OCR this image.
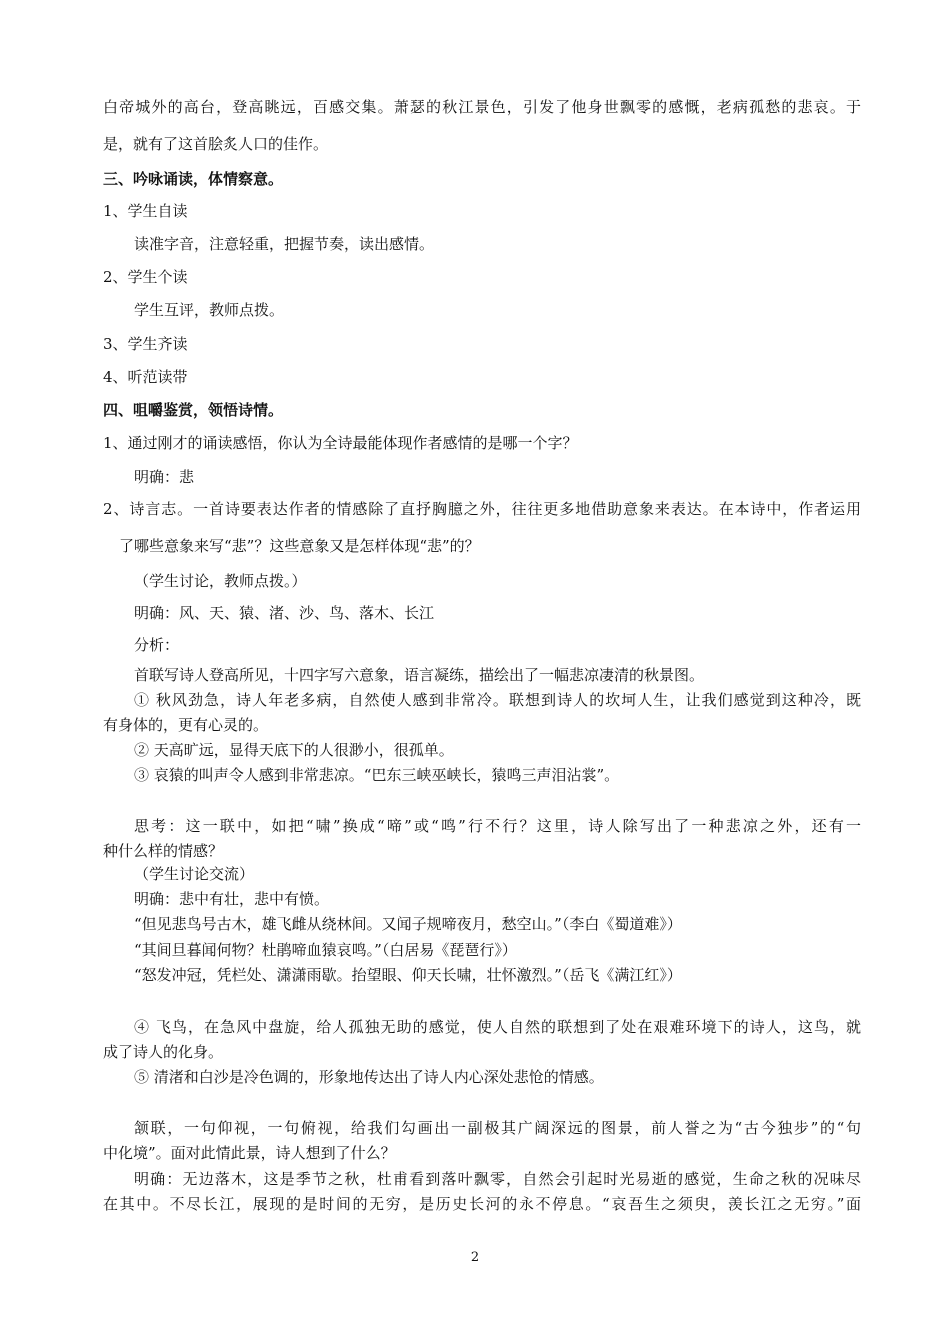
白帝城外的高台，登高眺远，百感交集。萧瑟的秋江景色，引发了他身世飘零的感慨，老病孤愁的悲哀。于
是，就有了这首脍炙人口的佳作。
三、吟咏诵读，体情察意。
1、学生自读
读准字音，注意轻重，把握节奏，读出感情。
2、学生个读
学生互评，教师点拨。
3、学生齐读
4、听范读带
四、咀嚼鉴赏，领悟诗情。
1、通过刚才的诵读感悟，你认为全诗最能体现作者感情的是哪一个字？
明确：悲
2、诗言志。一首诗要表达作者的情感除了直抒胸臆之外，往往更多地借助意象来表达。在本诗中，作者运用
了哪些意象来写“悲”？这些意象又是怎样体现“悲”的？
（学生讨论，教师点拨。）
明确：风、天、猿、渚、沙、鸟、落木、长江
分析：
首联写诗人登高所见，十四字写六意象，语言凝练，描绘出了一幅悲凉凄清的秋景图。
① 秋风劲急，诗人年老多病，自然使人感到非常冷。联想到诗人的坎坷人生，让我们感觉到这种冷，既
有身体的，更有心灵的。
② 天高旷远，显得天底下的人很渺小，很孤单。
③ 哀猿的叫声令人感到非常悲凉。“巴东三峡巫峡长，猿鸣三声泪沾裳”。
思考：这一联中，如把“啸”换成“啼”或“鸣”行不行？这里，诗人除写出了一种悲凉之外，还有一
种什么样的情感？
（学生讨论交流）
明确：悲中有壮，悲中有愤。
“但见悲鸟号古木，雄飞雌从绕林间。又闻子规啼夜月，愁空山。”（李白《蜀道难》）
“其间旦暮闻何物？杜鹃啼血猿哀鸣。”（白居易《琵琶行》）
“怒发冲冠，凭栏处、潇潇雨歇。抬望眼、仰天长啸，壮怀激烈。”（岳飞《满江红》）
④ 飞鸟，在急风中盘旋，给人孤独无助的感觉，使人自然的联想到了处在艰难环境下的诗人，这鸟，就
成了诗人的化身。
⑤ 清渚和白沙是冷色调的，形象地传达出了诗人内心深处悲怆的情感。
颔联，一句仰视，一句俯视，给我们勾画出一副极其广阔深远的图景，前人誉之为“古今独步”的“句
中化境”。面对此情此景，诗人想到了什么？
明确：无边落木，这是季节之秋，杜甫看到落叶飘零，自然会引起时光易逝的感觉，生命之秋的况味尽
在其中。不尽长江，展现的是时间的无穷，是历史长河的永不停息。“哀吾生之须臾，羡长江之无穷。”面
2
